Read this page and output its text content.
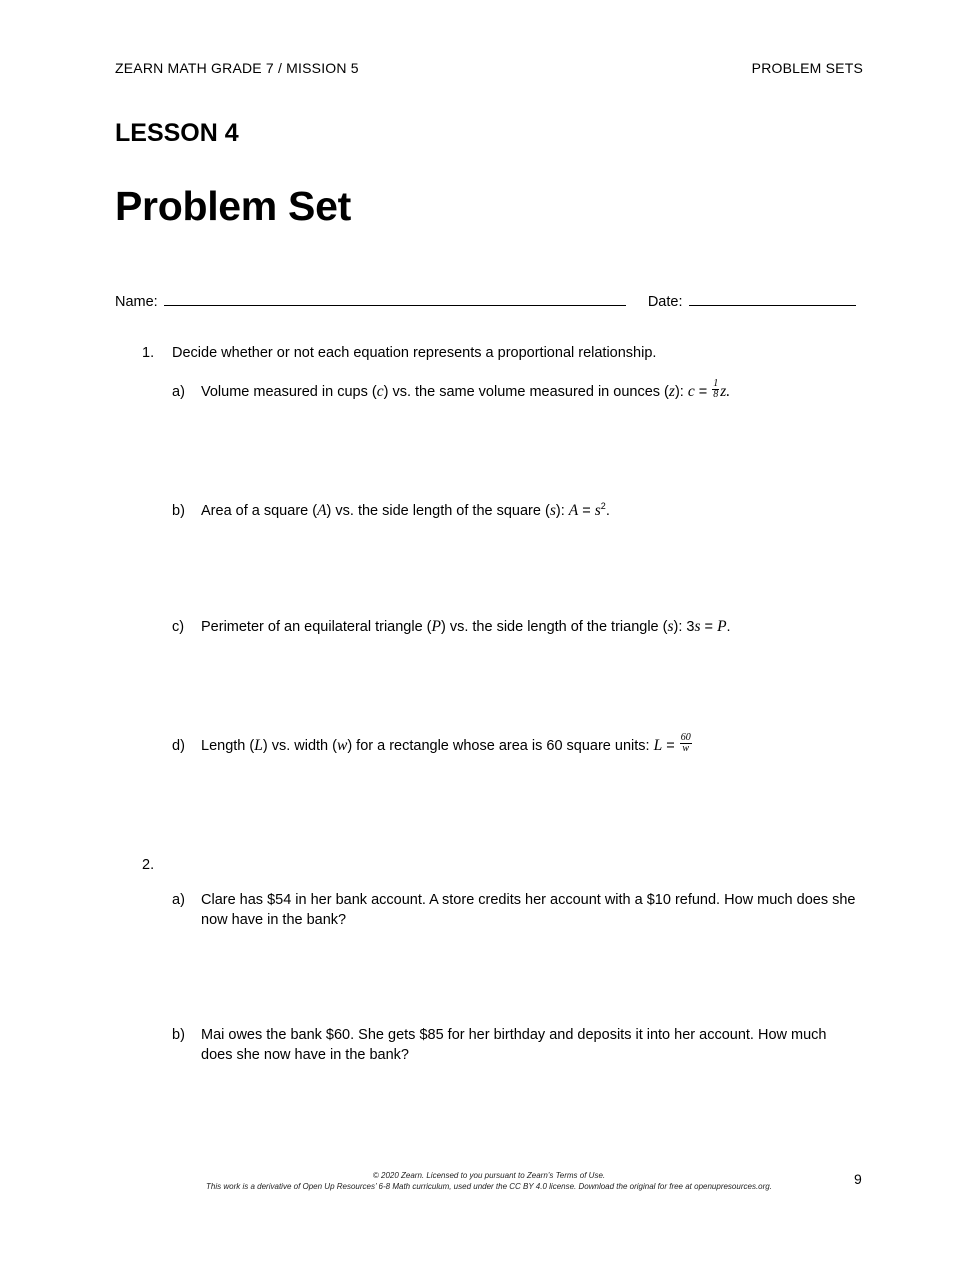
ZEARN MATH GRADE 7 / MISSION 5	PROBLEM SETS
LESSON 4
Problem Set
Name:	Date:
1. Decide whether or not each equation represents a proportional relationship.
a) Volume measured in cups (c) vs. the same volume measured in ounces (z): $c = \frac{1}{8} z$.
b) Area of a square (A) vs. the side length of the square (s): $A = s^2$.
c) Perimeter of an equilateral triangle (P) vs. the side length of the triangle (s): 3s = P.
d) Length (L) vs. width (w) for a rectangle whose area is 60 square units: $L = \frac{60}{w}$
2.
a) Clare has $54 in her bank account. A store credits her account with a $10 refund. How much does she now have in the bank?
b) Mai owes the bank $60. She gets $85 for her birthday and deposits it into her account. How much does she now have in the bank?
© 2020 Zearn. Licensed to you pursuant to Zearn’s Terms of Use.
This work is a derivative of Open Up Resources’ 6-8 Math curriculum, used under the CC BY 4.0 license. Download the original for free at openupresources.org.	9
